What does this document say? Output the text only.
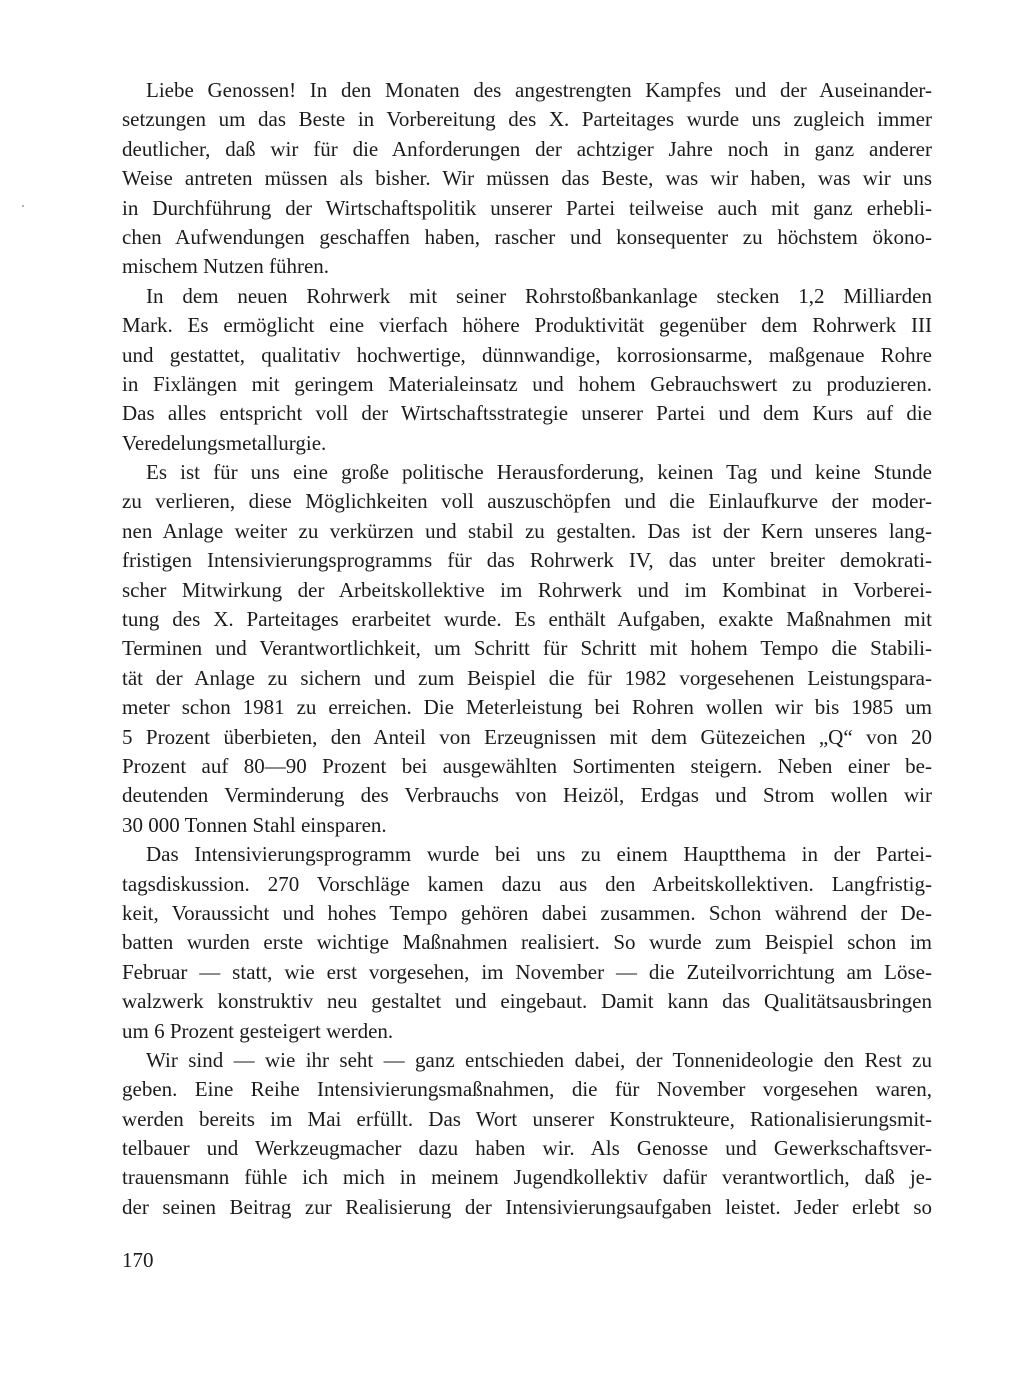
Liebe Genossen! In den Monaten des angestrengten Kampfes und der Auseinander-
setzungen um das Beste in Vorbereitung des X. Parteitages wurde uns zugleich immer
deutlicher, daß wir für die Anforderungen der achtziger Jahre noch in ganz anderer
Weise antreten müssen als bisher. Wir müssen das Beste, was wir haben, was wir uns
in Durchführung der Wirtschaftspolitik unserer Partei teilweise auch mit ganz erhebli-
chen Aufwendungen geschaffen haben, rascher und konsequenter zu höchstem ökono-
mischem Nutzen führen.
In dem neuen Rohrwerk mit seiner Rohrstoßbankanlage stecken 1,2 Milliarden
Mark. Es ermöglicht eine vierfach höhere Produktivität gegenüber dem Rohrwerk III
und gestattet, qualitativ hochwertige, dünnwandige, korrosionsarme, maßgenaue Rohre
in Fixlängen mit geringem Materialeinsatz und hohem Gebrauchswert zu produzieren.
Das alles entspricht voll der Wirtschaftsstrategie unserer Partei und dem Kurs auf die
Veredelungsmetallurgie.
Es ist für uns eine große politische Herausforderung, keinen Tag und keine Stunde
zu verlieren, diese Möglichkeiten voll auszuschöpfen und die Einlaufkurve der moder-
nen Anlage weiter zu verkürzen und stabil zu gestalten. Das ist der Kern unseres lang-
fristigen Intensivierungsprogramms für das Rohrwerk IV, das unter breiter demokrati-
scher Mitwirkung der Arbeitskollektive im Rohrwerk und im Kombinat in Vorberei-
tung des X. Parteitages erarbeitet wurde. Es enthält Aufgaben, exakte Maßnahmen mit
Terminen und Verantwortlichkeit, um Schritt für Schritt mit hohem Tempo die Stabili-
tät der Anlage zu sichern und zum Beispiel die für 1982 vorgesehenen Leistungspara-
meter schon 1981 zu erreichen. Die Meterleistung bei Rohren wollen wir bis 1985 um
5 Prozent überbieten, den Anteil von Erzeugnissen mit dem Gütezeichen „Q“ von 20
Prozent auf 80—90 Prozent bei ausgewählten Sortimenten steigern. Neben einer be-
deutenden Verminderung des Verbrauchs von Heizöl, Erdgas und Strom wollen wir
30 000 Tonnen Stahl einsparen.
Das Intensivierungsprogramm wurde bei uns zu einem Hauptthema in der Partei-
tagsdiskussion. 270 Vorschläge kamen dazu aus den Arbeitskollektiven. Langfristig-
keit, Voraussicht und hohes Tempo gehören dabei zusammen. Schon während der De-
batten wurden erste wichtige Maßnahmen realisiert. So wurde zum Beispiel schon im
Februar — statt, wie erst vorgesehen, im November — die Zuteilvorrichtung am Löse-
walzwerk konstruktiv neu gestaltet und eingebaut. Damit kann das Qualitätsausbringen
um 6 Prozent gesteigert werden.
Wir sind — wie ihr seht — ganz entschieden dabei, der Tonnenideologie den Rest zu
geben. Eine Reihe Intensivierungsmaßnahmen, die für November vorgesehen waren,
werden bereits im Mai erfüllt. Das Wort unserer Konstrukteure, Rationalisierungsmit-
telbauer und Werkzeugmacher dazu haben wir. Als Genosse und Gewerkschaftsver-
trauensmann fühle ich mich in meinem Jugendkollektiv dafür verantwortlich, daß je-
der seinen Beitrag zur Realisierung der Intensivierungsaufgaben leistet. Jeder erlebt so
170
